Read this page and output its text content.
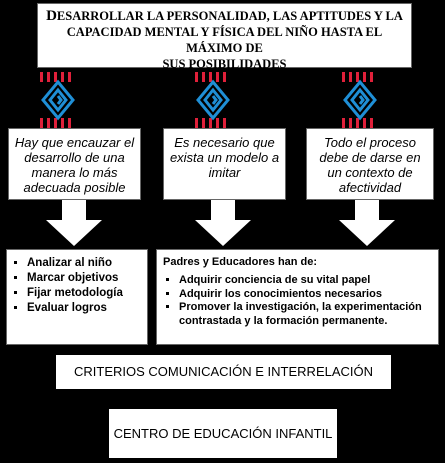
DESARROLLAR LA PERSONALIDAD, LAS APTITUDES Y LA
CAPACIDAD MENTAL Y FÍSICA DEL NIÑO HASTA EL MÁXIMO DE
SUS POSIBILIDADES
Hay que encauzar el desarrollo de una manera lo más adecuada posible
Es necesario que exista un modelo a imitar
Todo el proceso debe de darse en un contexto de afectividad
▪ Analizar al niño
▪ Marcar objetivos
▪ Fijar metodología
▪ Evaluar logros
Padres y Educadores han de:
▪ Adquirir conciencia de su vital papel
▪ Adquirir los conocimientos necesarios
▪ Promover la investigación, la experimentación contrastada y la formación permanente.
CRITERIOS COMUNICACIÓN E INTERRELACIÓN
CENTRO DE EDUCACIÓN INFANTIL
